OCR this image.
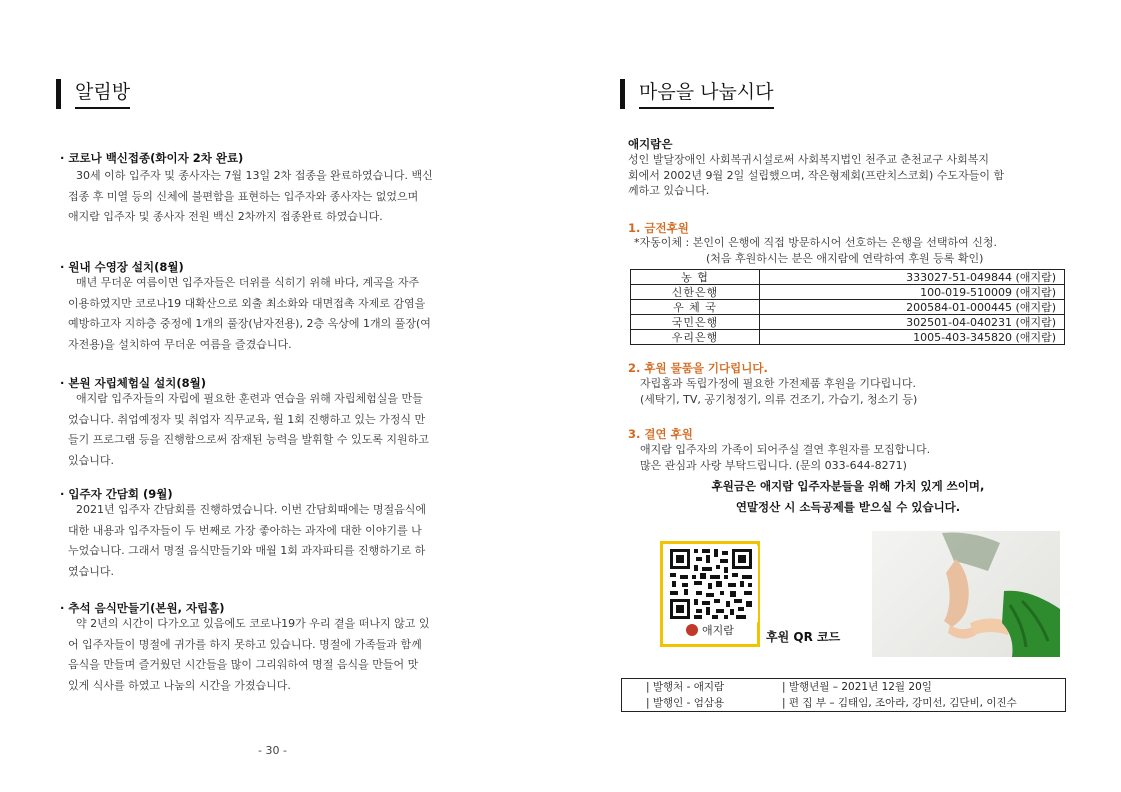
알림방
· 코로나 백신접종(화이자 2차 완료)
30세 이하 입주자 및 종사자는 7월 13일 2차 접종을 완료하였습니다. 백신
접종 후 미열 등의 신체에 불편함을 표현하는 입주자와 종사자는 없었으며
애지람 입주자 및 종사자 전원 백신 2차까지 접종완료 하였습니다.
· 원내 수영장 설치(8월)
매년 무더운 여름이면 입주자들은 더위를 식히기 위해 바다, 계곡을 자주
이용하였지만 코로나19 대확산으로 외출 최소화와 대면접촉 자제로 감염을
예방하고자 지하층 중정에 1개의 풀장(남자전용), 2층 옥상에 1개의 풀장(여
자전용)을 설치하여 무더운 여름을 즐겼습니다.
· 본원 자립체험실 설치(8월)
애지람 입주자들의 자립에 필요한 훈련과 연습을 위해 자립체험실을 만들
었습니다. 취업예정자 및 취업자 직무교육, 월 1회 진행하고 있는 가정식 만
들기 프로그램 등을 진행함으로써 잠재된 능력을 발휘할 수 있도록 지원하고
있습니다.
· 입주자 간담회 (9월)
2021년 입주자 간담회를 진행하였습니다. 이번 간담회때에는 명절음식에
대한 내용과 입주자들이 두 번째로 가장 좋아하는 과자에 대한 이야기를 나
누었습니다. 그래서 명절 음식만들기와 매월 1회 과자파티를 진행하기로 하
였습니다.
· 추석 음식만들기(본원, 자립홈)
약 2년의 시간이 다가오고 있음에도 코로나19가 우리 곁을 떠나지 않고 있
어 입주자들이 명절에 귀가를 하지 못하고 있습니다. 명절에 가족들과 함께
음식을 만들며 즐거웠던 시간들을 많이 그리워하여 명절 음식을 만들어 맛
있게 식사를 하였고 나눔의 시간을 가졌습니다.
- 30 -
마음을 나눕시다
애지람은
성인 발달장애인 사회복귀시설로써 사회복지법인 천주교 춘천교구 사회복지
회에서 2002년 9월 2일 설립했으며, 작은형제회(프란치스코회) 수도자들이 함
께하고 있습니다.
1. 금전후원
*자동이체 : 본인이 은행에 직접 방문하시어 선호하는 은행을 선택하여 신청.
(처음 후원하시는 분은 애지람에 연락하여 후원 등록 확인)
농 협	333027-51-049844 (애지람)
신한은행	100-019-510009 (애지람)
우 체 국	200584-01-000445 (애지람)
국민은행	302501-04-040231 (애지람)
우리은행	1005-403-345820 (애지람)
2. 후원 물품을 기다립니다.
자립홈과 독립가정에 필요한 가전제품 후원을 기다립니다.
(세탁기, TV, 공기청정기, 의류 건조기, 가습기, 청소기 등)
3. 결연 후원
애지람 입주자의 가족이 되어주실 결연 후원자를 모집합니다.
많은 관심과 사랑 부탁드립니다. (문의 033-644-8271)
후원금은 애지람 입주자분들을 위해 가치 있게 쓰이며,
연말정산 시 소득공제를 받으실 수 있습니다.
애지람	후원 QR 코드
| 발행처 - 애지람	| 발행년월 – 2021년 12월 20일
| 발행인 - 엄삼용	| 편 집 부 – 김태임, 조아라, 강미선, 김단비, 이진수
